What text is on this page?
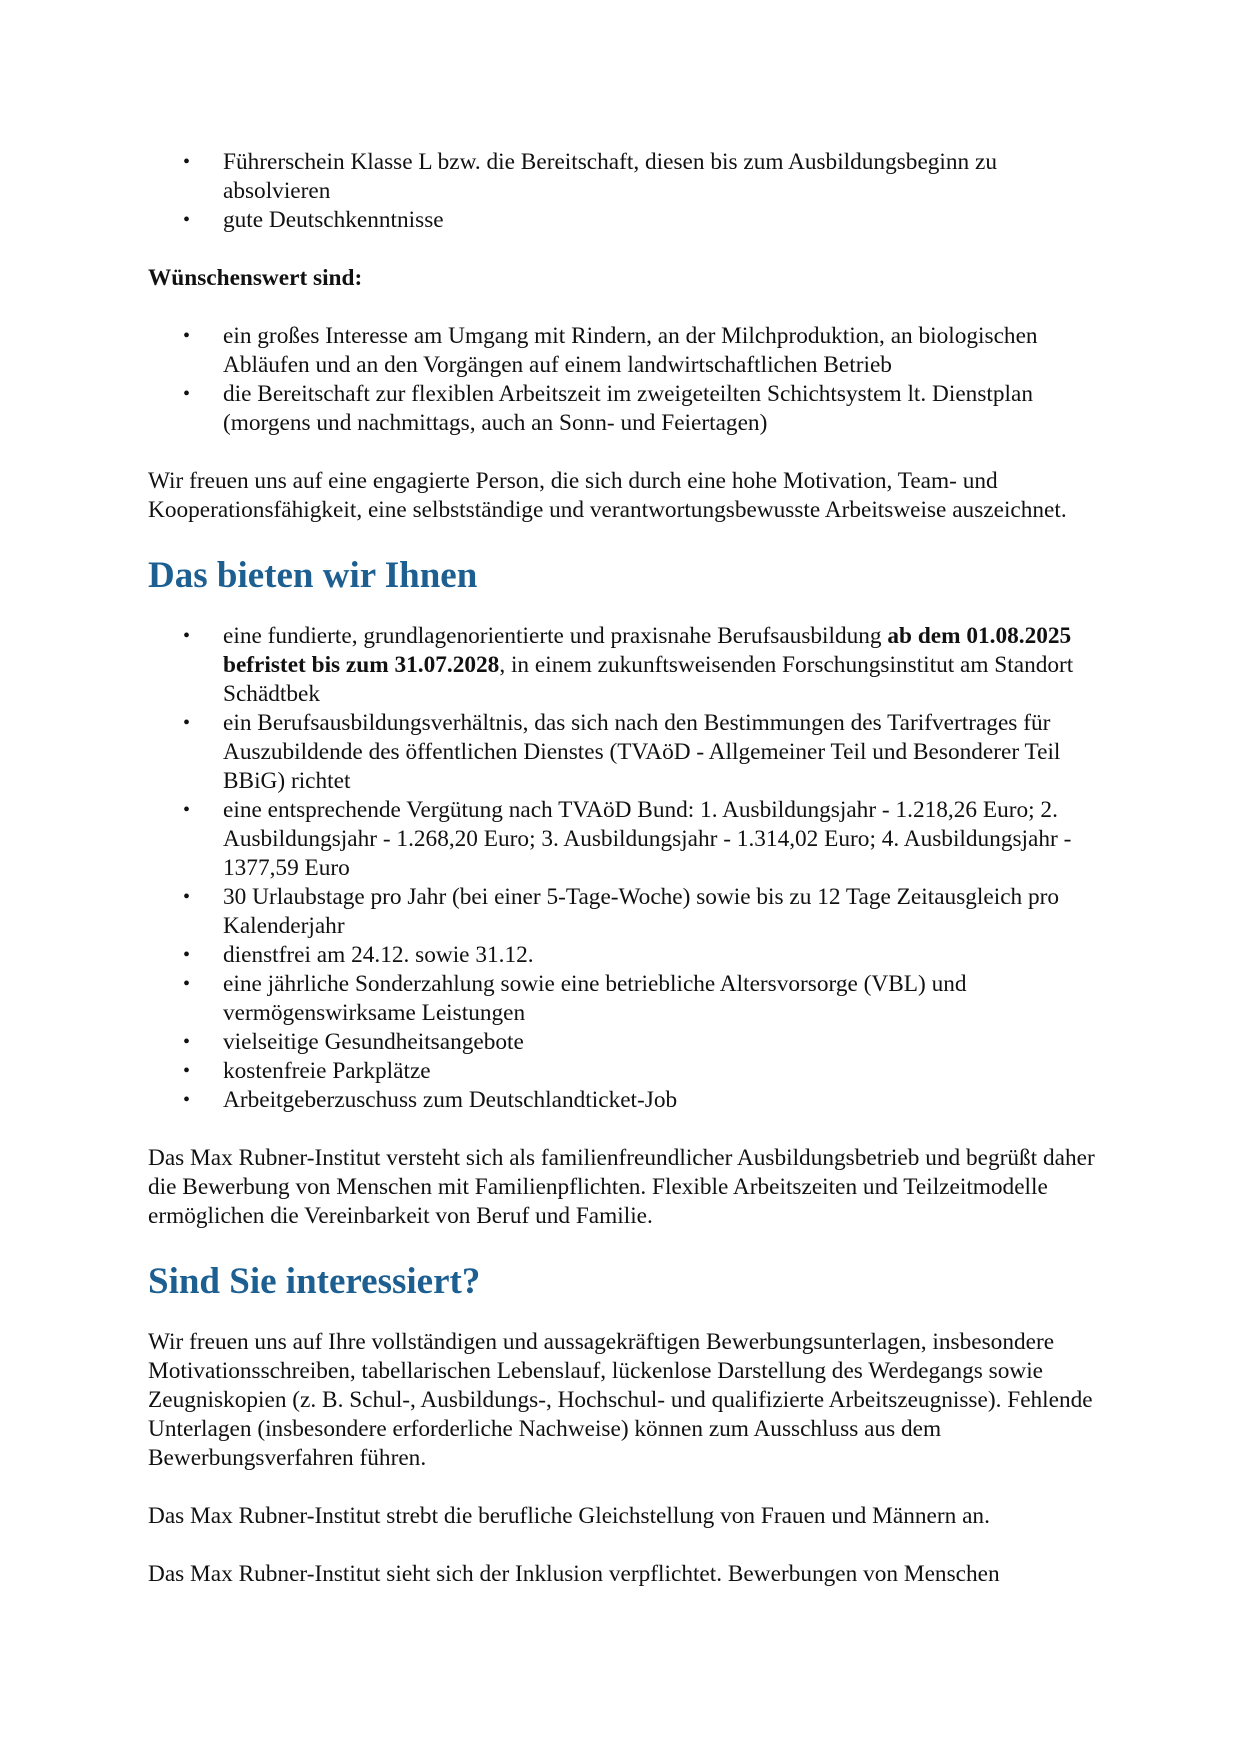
• Führerschein Klasse L bzw. die Bereitschaft, diesen bis zum Ausbildungsbeginn zu absolvieren
• gute Deutschkenntnisse

Wünschenswert sind:

• ein großes Interesse am Umgang mit Rindern, an der Milchproduktion, an biologischen Abläufen und an den Vorgängen auf einem landwirtschaftlichen Betrieb
• die Bereitschaft zur flexiblen Arbeitszeit im zweigeteilten Schichtsystem lt. Dienstplan (morgens und nachmittags, auch an Sonn- und Feiertagen)

Wir freuen uns auf eine engagierte Person, die sich durch eine hohe Motivation, Team- und Kooperationsfähigkeit, eine selbstständige und verantwortungsbewusste Arbeitsweise auszeichnet.

Das bieten wir Ihnen
• eine fundierte, grundlagenorientierte und praxisnahe Berufsausbildung ab dem 01.08.2025 befristet bis zum 31.07.2028, in einem zukunftsweisenden Forschungsinstitut am Standort Schädtbek
• ein Berufsausbildungsverhältnis, das sich nach den Bestimmungen des Tarifvertrages für Auszubildende des öffentlichen Dienstes (TVAöD - Allgemeiner Teil und Besonderer Teil BBiG) richtet
• eine entsprechende Vergütung nach TVAöD Bund: 1. Ausbildungsjahr - 1.218,26 Euro; 2. Ausbildungsjahr - 1.268,20 Euro; 3. Ausbildungsjahr - 1.314,02 Euro; 4. Ausbildungsjahr - 1377,59 Euro
• 30 Urlaubstage pro Jahr (bei einer 5-Tage-Woche) sowie bis zu 12 Tage Zeitausgleich pro Kalenderjahr
• dienstfrei am 24.12. sowie 31.12.
• eine jährliche Sonderzahlung sowie eine betriebliche Altersvorsorge (VBL) und vermögenswirksame Leistungen
• vielseitige Gesundheitsangebote
• kostenfreie Parkplätze
• Arbeitgeberzuschuss zum Deutschlandticket-Job

Das Max Rubner-Institut versteht sich als familienfreundlicher Ausbildungsbetrieb und begrüßt daher die Bewerbung von Menschen mit Familienpflichten. Flexible Arbeitszeiten und Teilzeitmodelle ermöglichen die Vereinbarkeit von Beruf und Familie.

Sind Sie interessiert?

Wir freuen uns auf Ihre vollständigen und aussagekräftigen Bewerbungsunterlagen, insbesondere Motivationsschreiben, tabellarischen Lebenslauf, lückenlose Darstellung des Werdegangs sowie Zeugniskopien (z. B. Schul-, Ausbildungs-, Hochschul- und qualifizierte Arbeitszeugnisse). Fehlende Unterlagen (insbesondere erforderliche Nachweise) können zum Ausschluss aus dem Bewerbungsverfahren führen.

Das Max Rubner-Institut strebt die berufliche Gleichstellung von Frauen und Männern an.

Das Max Rubner-Institut sieht sich der Inklusion verpflichtet. Bewerbungen von Menschen
